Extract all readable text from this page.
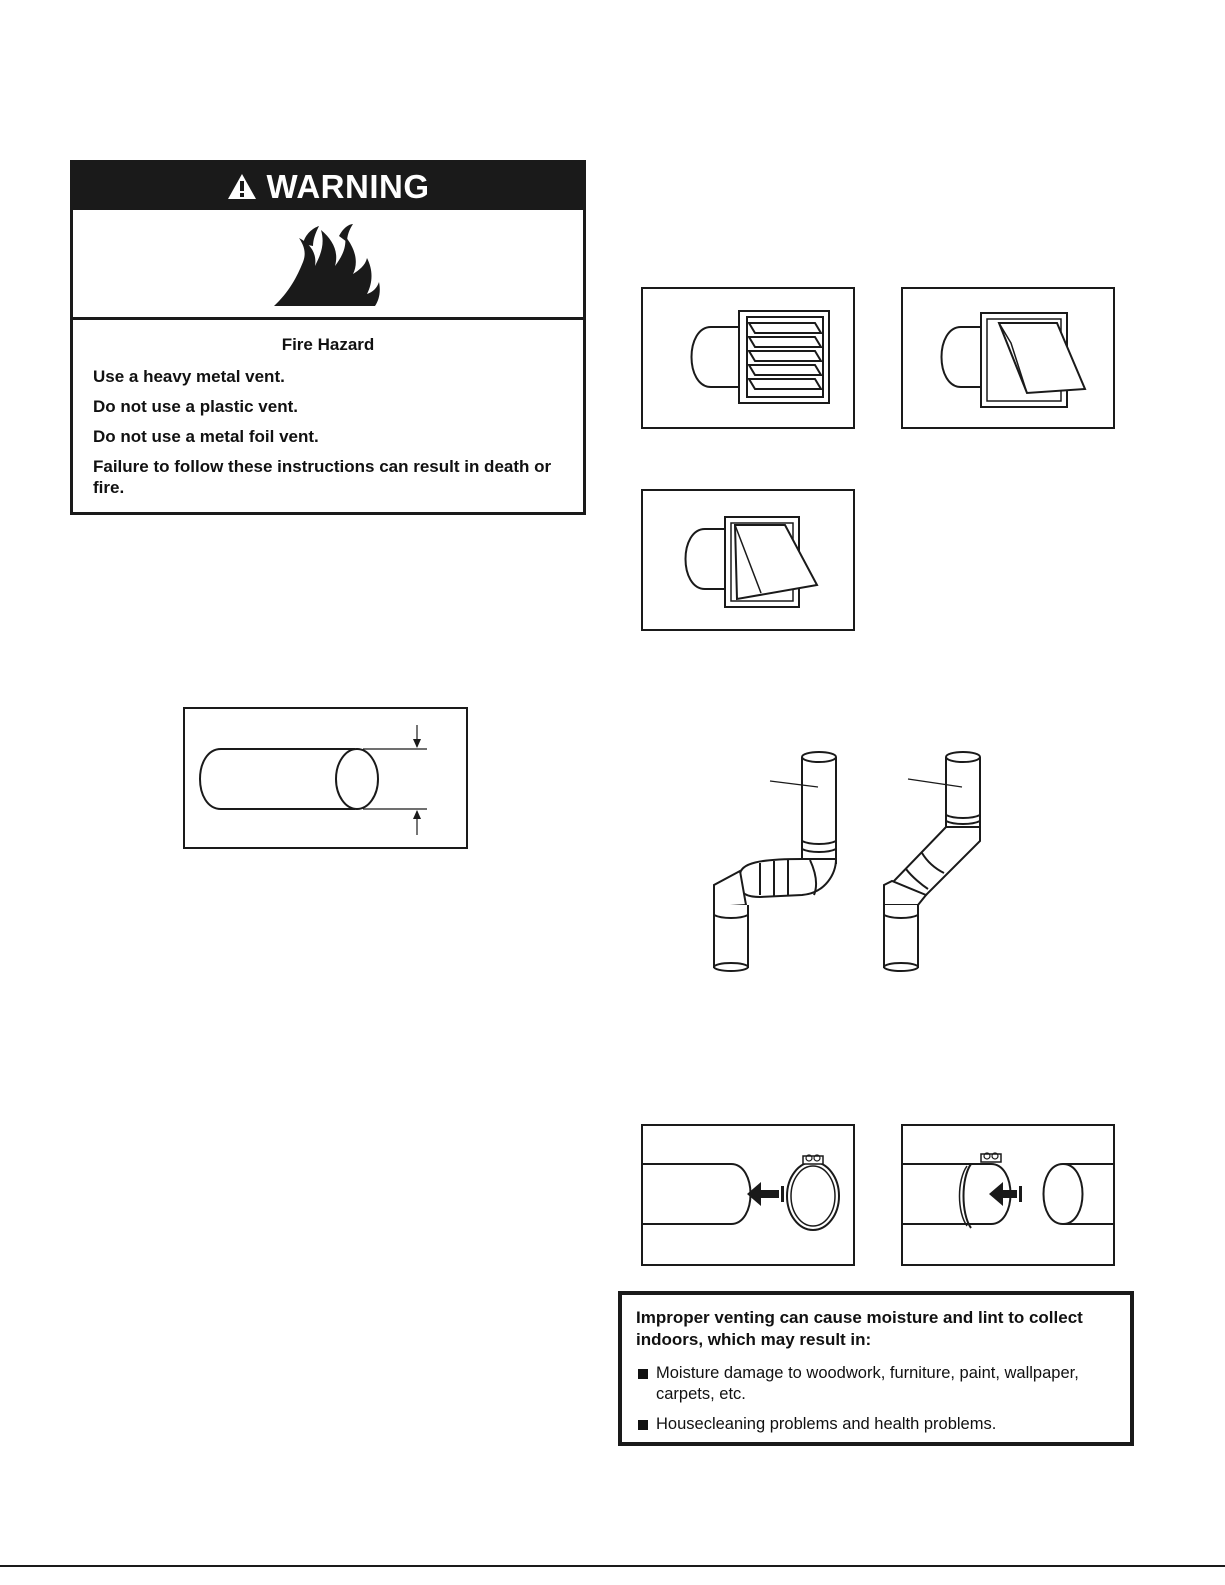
WARNING
Fire Hazard
Use a heavy metal vent.
Do not use a plastic vent.
Do not use a metal foil vent.
Failure to follow these instructions can result in death or fire.
Improper venting can cause moisture and lint to collect indoors, which may result in:
Moisture damage to woodwork, furniture, paint, wallpaper, carpets, etc.
Housecleaning problems and health problems.
